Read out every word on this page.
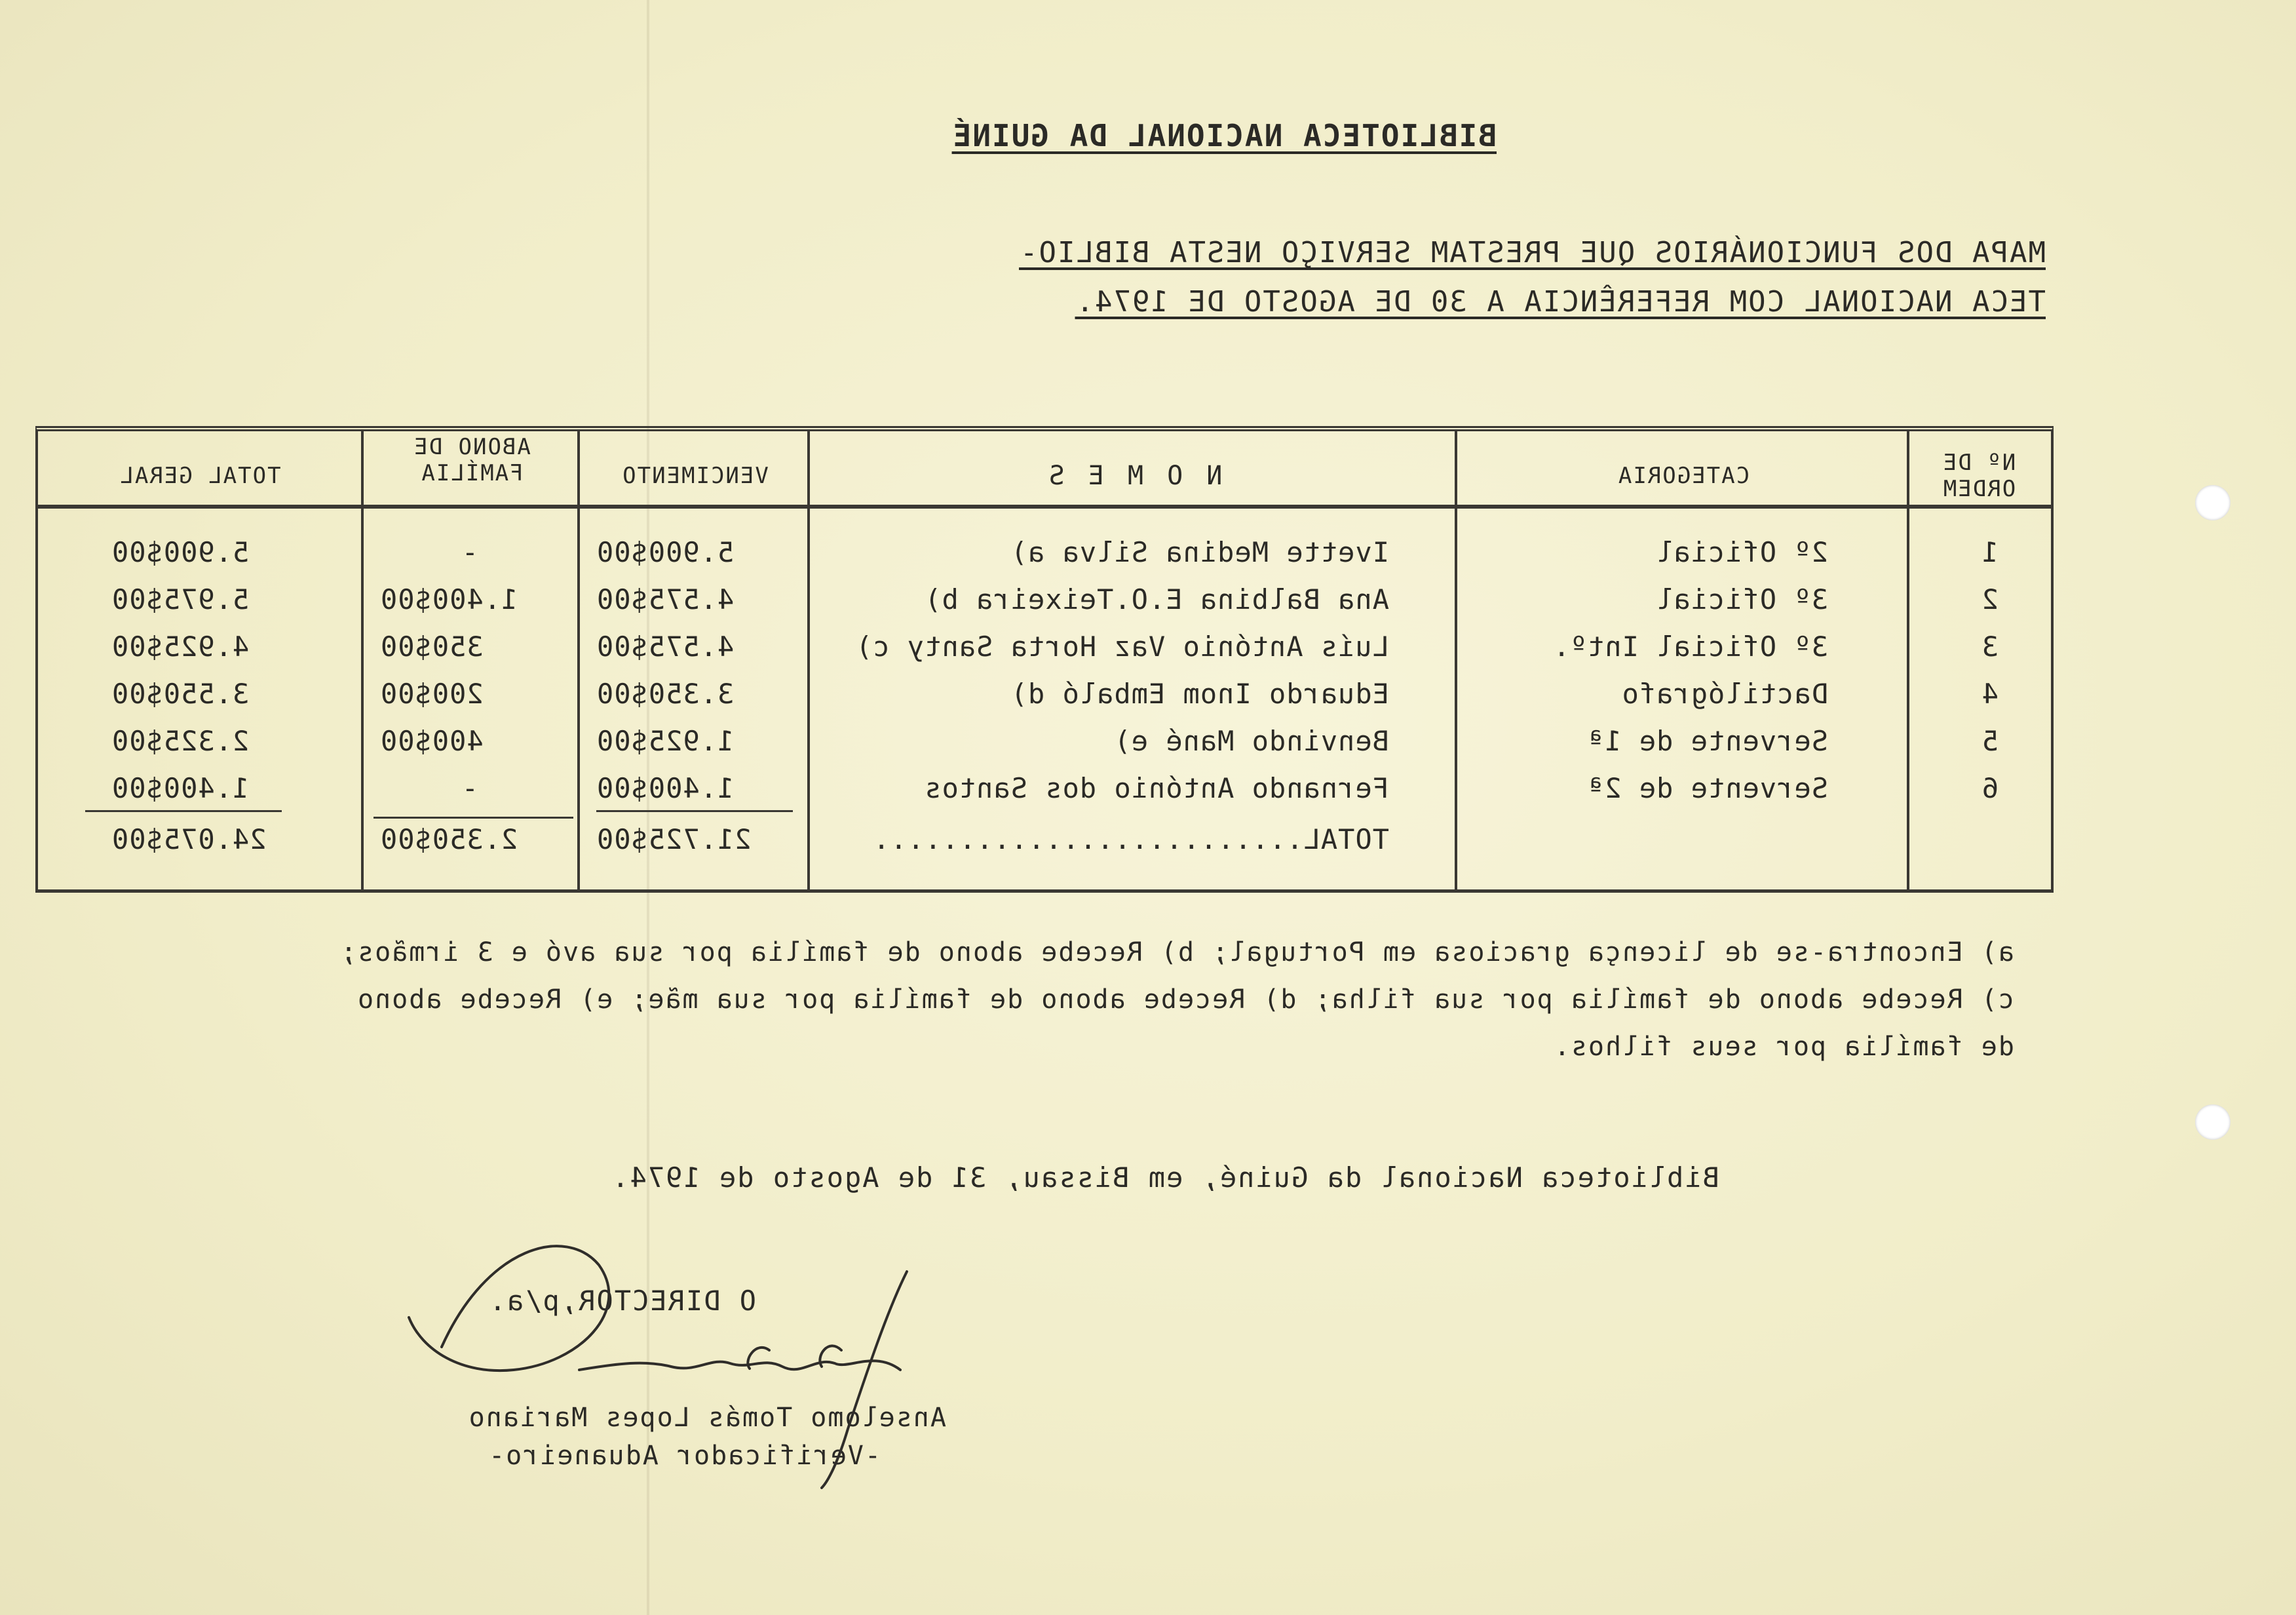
BIBLIOTECA NACIONAL DA GUINÉ
MAPA DOS FUNCIONÁRIOS QUE PRESTAM SERVIÇO NESTA BIBLIO-
TECA NACIONAL COM REFERÊNCIA A 30 DE AGOSTO DE 1974.
Nº DE
ORDEM
CATEGORIA
N O M E S
VENCIMENTO
ABONO DE
FAMÍLIA
TOTAL GERAL
1
2º Oficial
Ivette Medina Silva a)
5.900$00
-
5.900$00
2
3º Oficial
Ana Balbina E.O.Teixeira b)
4.575$00
1.400$00
5.975$00
3
3º Oficial Intº.
Luís António Vaz Horta Santy c)
4.575$00
350$00
4.925$00
4
Dactilógrafo
Eduardo Inom Embaló d)
3.350$00
200$00
3.550$00
5
Servente de 1ª
Benvindo Mané e)
1.925$00
400$00
2.325$00
6
Servente de 2ª
Fernando António dos Santos
1.400$00
-
1.400$00
TOTAL.........................
21.725$00
2.350$00
24.075$00
a) Encontra-se de licença graciosa em Portugal; b) Recebe abono de família por sua avó e 3 irmãos;
c) Recebe abono de família por sua filha; d) Recebe abono de família por sua mãe; e) Recebe abono
de família por seus filhos.
Biblioteca Nacional da Guiné, em Bissau, 31 de Agosto de 1974.
O DIRECTOR,p/a.
Anselomo Tomás Lopes Mariano
-Verificador Aduaneiro-
